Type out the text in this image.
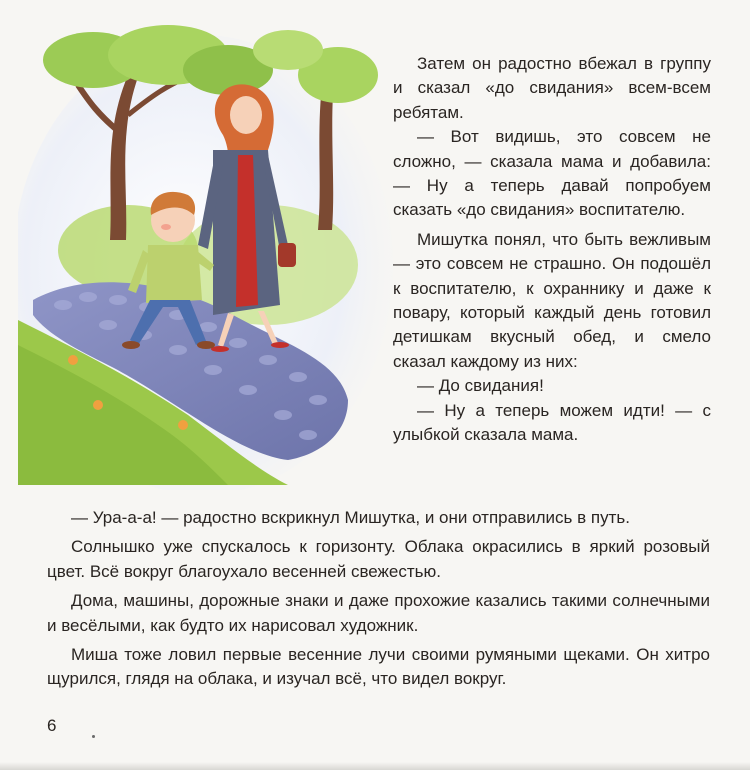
Затем он радостно вбежал в группу и сказал «до свидания» всем-всем ребятам.

— Вот видишь, это совсем не сложно, — сказала мама и добавила: — Ну а теперь давай попробуем сказать «до свидания» воспитателю.

Мишутка понял, что быть вежливым — это совсем не страшно. Он подошёл к воспитателю, к охраннику и даже к повару, который каждый день готовил детишкам вкусный обед, и смело сказал каждому из них:

— До свидания!

— Ну а теперь можем идти! — с улыбкой сказала мама.

— Ура-а-а! — радостно вскрикнул Мишутка, и они отправились в путь.

Солнышко уже спускалось к горизонту. Облака окрасились в яркий розовый цвет. Всё вокруг благоухало весенней свежестью.

Дома, машины, дорожные знаки и даже прохожие казались такими солнечными и весёлыми, как будто их нарисовал художник.

Миша тоже ловил первые весенние лучи своими румяными щеками. Он хитро щурился, глядя на облака, и изучал всё, что видел вокруг.

6
